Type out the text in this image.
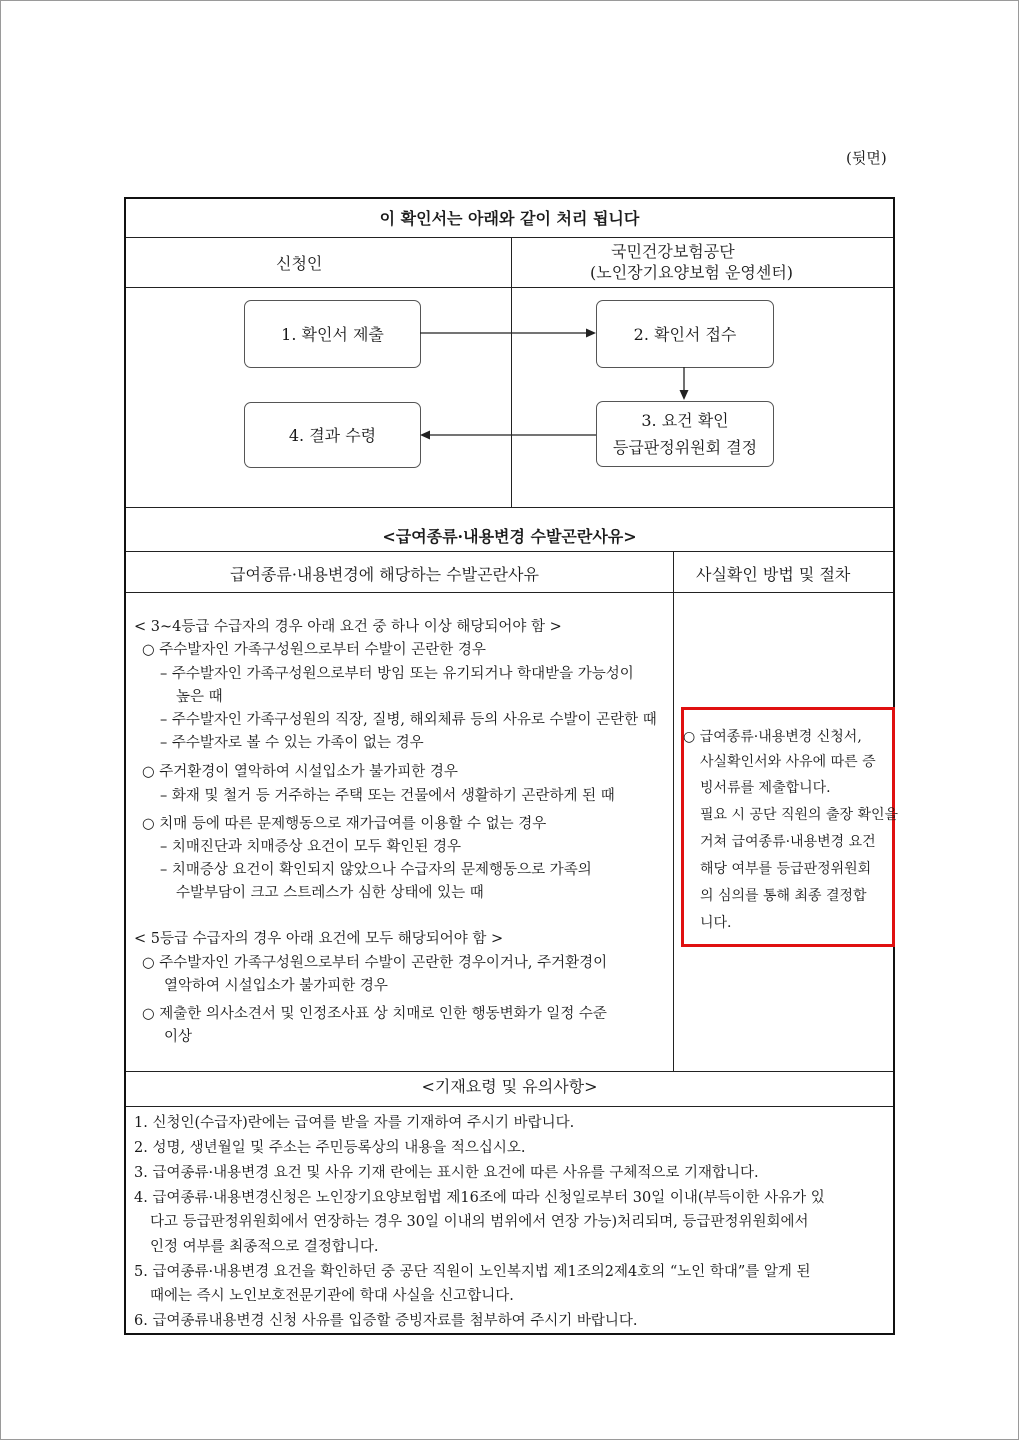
(뒷면)
이 확인서는 아래와 같이 처리 됩니다
신청인
국민건강보험공단
(노인장기요양보험 운영센터)
1. 확인서 제출	2. 확인서 접수
3. 요건 확인
등급판정위원회 결정
4. 결과 수령
<급여종류·내용변경 수발곤란사유>
급여종류·내용변경에 해당하는 수발곤란사유	사실확인 방법 및 절차
< 3~4등급 수급자의 경우 아래 요건 중 하나 이상 해당되어야 함 >
○ 주수발자인 가족구성원으로부터 수발이 곤란한 경우
– 주수발자인 가족구성원으로부터 방임 또는 유기되거나 학대받을 가능성이
높은 때
– 주수발자인 가족구성원의 직장, 질병, 해외체류 등의 사유로 수발이 곤란한 때
– 주수발자로 볼 수 있는 가족이 없는 경우
○ 주거환경이 열악하여 시설입소가 불가피한 경우
– 화재 및 철거 등 거주하는 주택 또는 건물에서 생활하기 곤란하게 된 때
○ 치매 등에 따른 문제행동으로 재가급여를 이용할 수 없는 경우
– 치매진단과 치매증상 요건이 모두 확인된 경우
– 치매증상 요건이 확인되지 않았으나 수급자의 문제행동으로 가족의
수발부담이 크고 스트레스가 심한 상태에 있는 때
< 5등급 수급자의 경우 아래 요건에 모두 해당되어야 함 >
○ 주수발자인 가족구성원으로부터 수발이 곤란한 경우이거나, 주거환경이
열악하여 시설입소가 불가피한 경우
○ 제출한 의사소견서 및 인정조사표 상 치매로 인한 행동변화가 일정 수준
이상
○ 급여종류·내용변경 신청서,
사실확인서와 사유에 따른 증
빙서류를 제출합니다.
필요 시 공단 직원의 출장 확인을
거쳐 급여종류·내용변경 요건
해당 여부를 등급판정위원회
의 심의를 통해 최종 결정합
니다.
<기재요령 및 유의사항>
1. 신청인(수급자)란에는 급여를 받을 자를 기재하여 주시기 바랍니다.
2. 성명, 생년월일 및 주소는 주민등록상의 내용을 적으십시오.
3. 급여종류·내용변경 요건 및 사유 기재 란에는 표시한 요건에 따른 사유를 구체적으로 기재합니다.
4. 급여종류·내용변경신청은 노인장기요양보험법 제16조에 따라 신청일로부터 30일 이내(부득이한 사유가 있
다고 등급판정위원회에서 연장하는 경우 30일 이내의 범위에서 연장 가능)처리되며, 등급판정위원회에서
인정 여부를 최종적으로 결정합니다.
5. 급여종류·내용변경 요건을 확인하던 중 공단 직원이 노인복지법 제1조의2제4호의 “노인 학대”를 알게 된
때에는 즉시 노인보호전문기관에 학대 사실을 신고합니다.
6. 급여종류내용변경 신청 사유를 입증할 증빙자료를 첨부하여 주시기 바랍니다.
